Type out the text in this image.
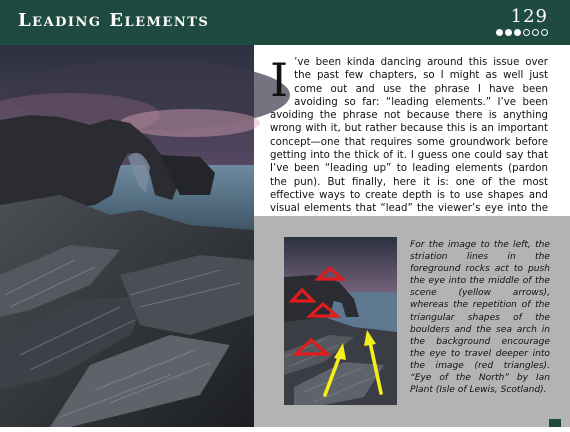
Leading Elements	129
I ’ve been kinda dancing around this issue over the past few chapters, so I might as well just come out and use the phrase I have been avoiding so far: “leading elements.” I’ve been avoiding the phrase not because there is anything wrong with it, but rather because this is an important concept—one that requires some groundwork before getting into the thick of it. I guess one could say that I’ve been “leading up” to leading elements (pardon the pun). But finally, here it is: one of the most effective ways to create depth is to use shapes and visual elements that “lead” the viewer’s eye into the

For the image to the left, the striation lines in the foreground rocks act to push the eye into the middle of the scene (yellow arrows), whereas the repetition of the triangular shapes of the boulders and the sea arch in the background encourage the eye to travel deeper into the image (red triangles). “Eye of the North” by Ian Plant (Isle of Lewis, Scotland).
